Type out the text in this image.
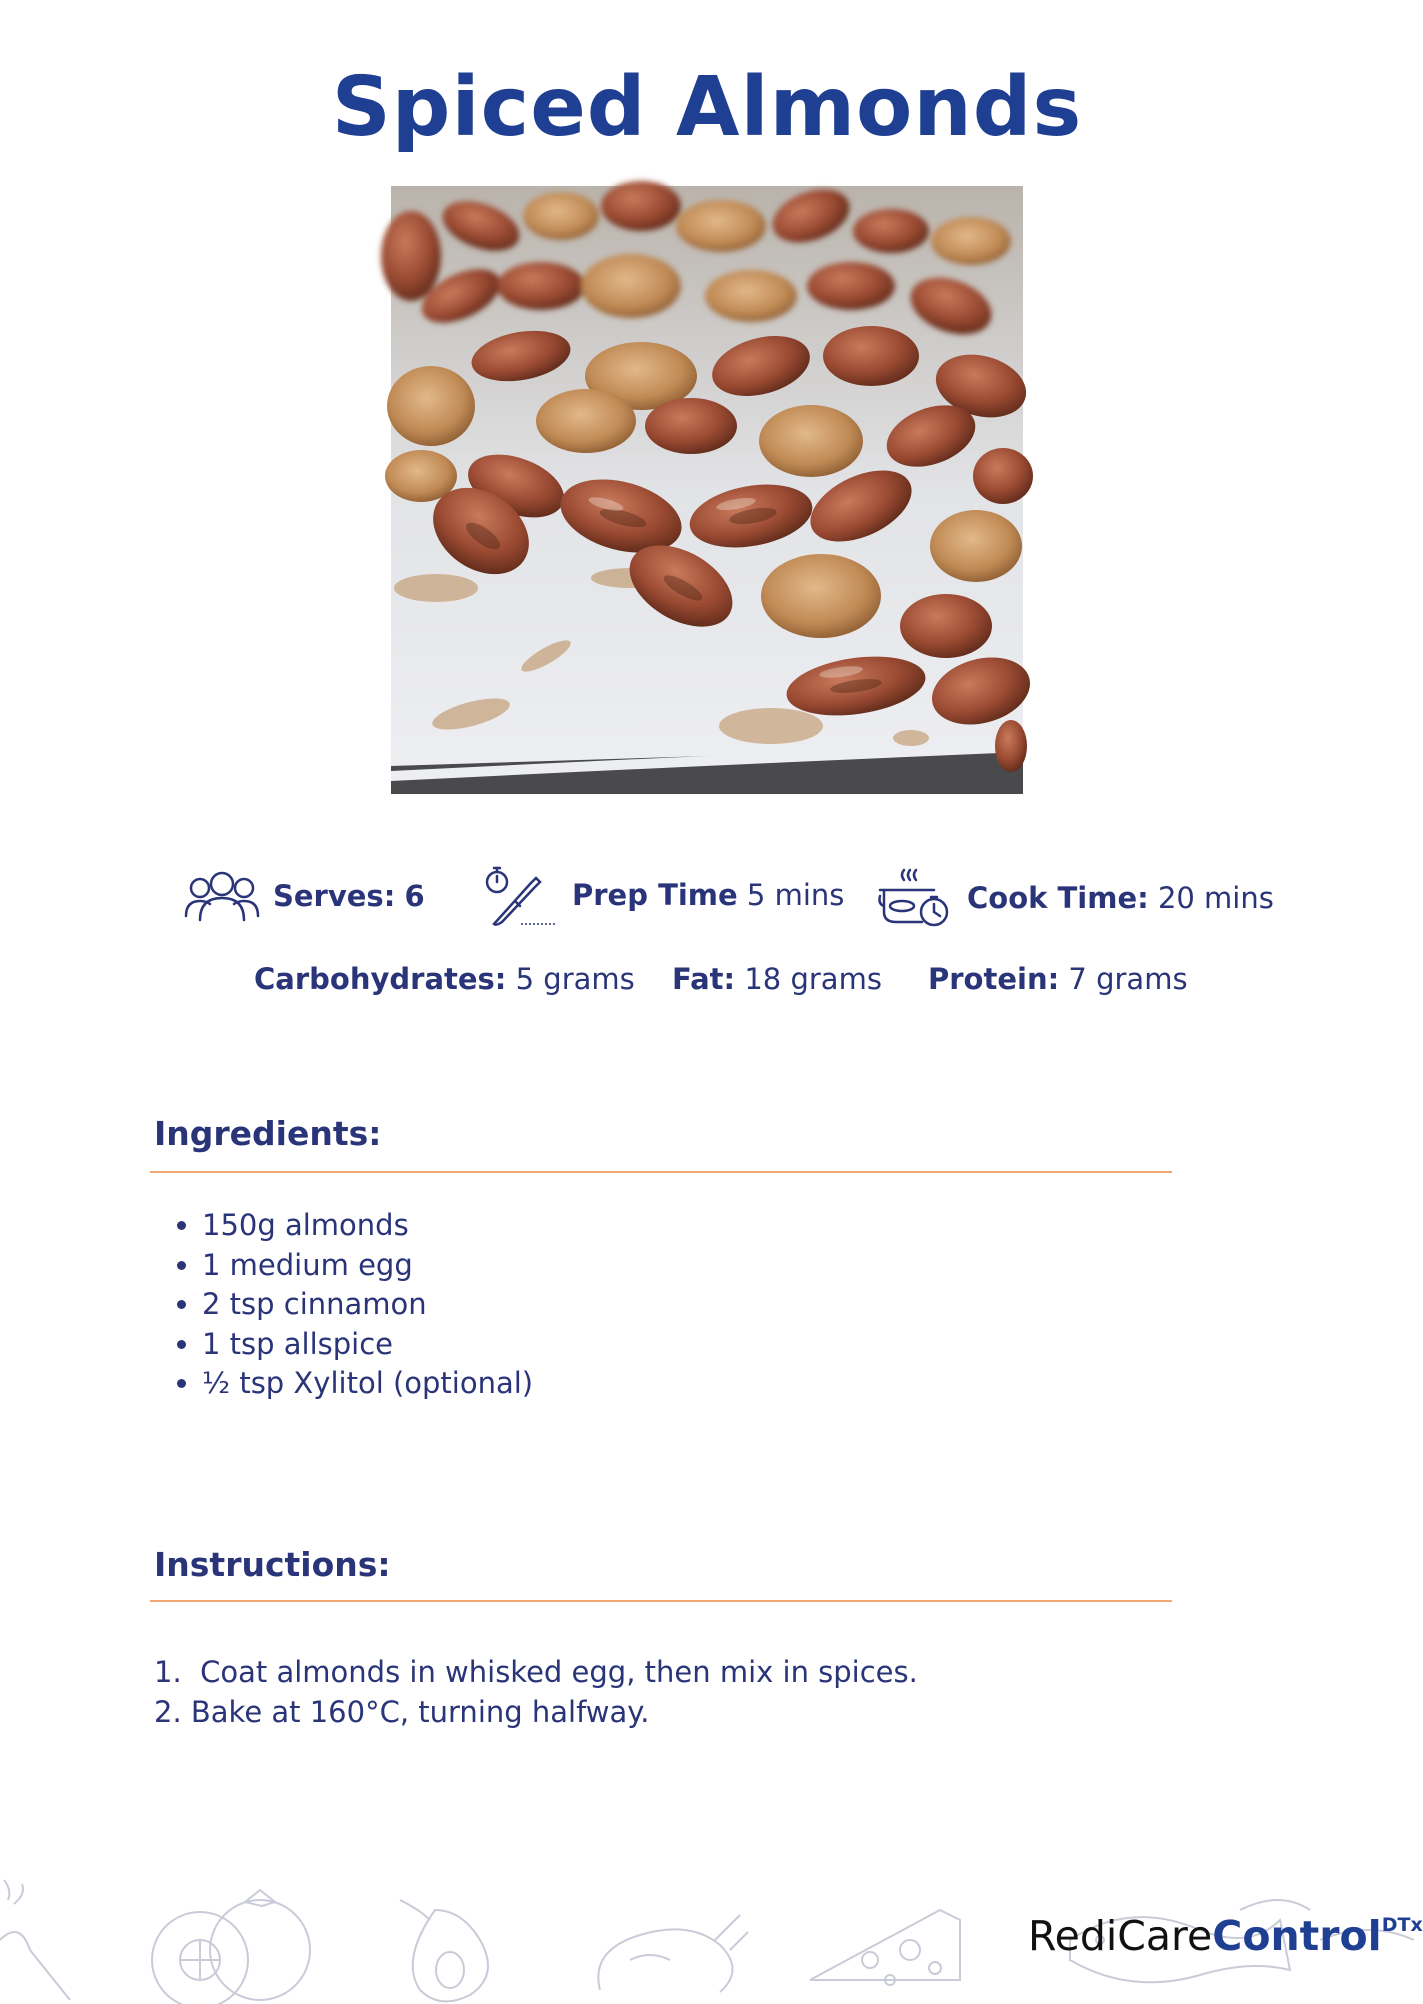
Spiced Almonds
Serves: 6	Prep Time 5 mins	Cook Time: 20 mins
Carbohydrates:
5 grams Fat:
18 grams Protein:
7 grams
Ingredients:
• 150g almonds
• 1 medium egg
• 2 tsp cinnamon
• 1 tsp allspice
• ½ tsp Xylitol (optional)
Instructions:
1.  Coat almonds in whisked egg, then mix in spices.
2. Bake at 160°C, turning halfway.
RediCareControl$^{DTx}$
